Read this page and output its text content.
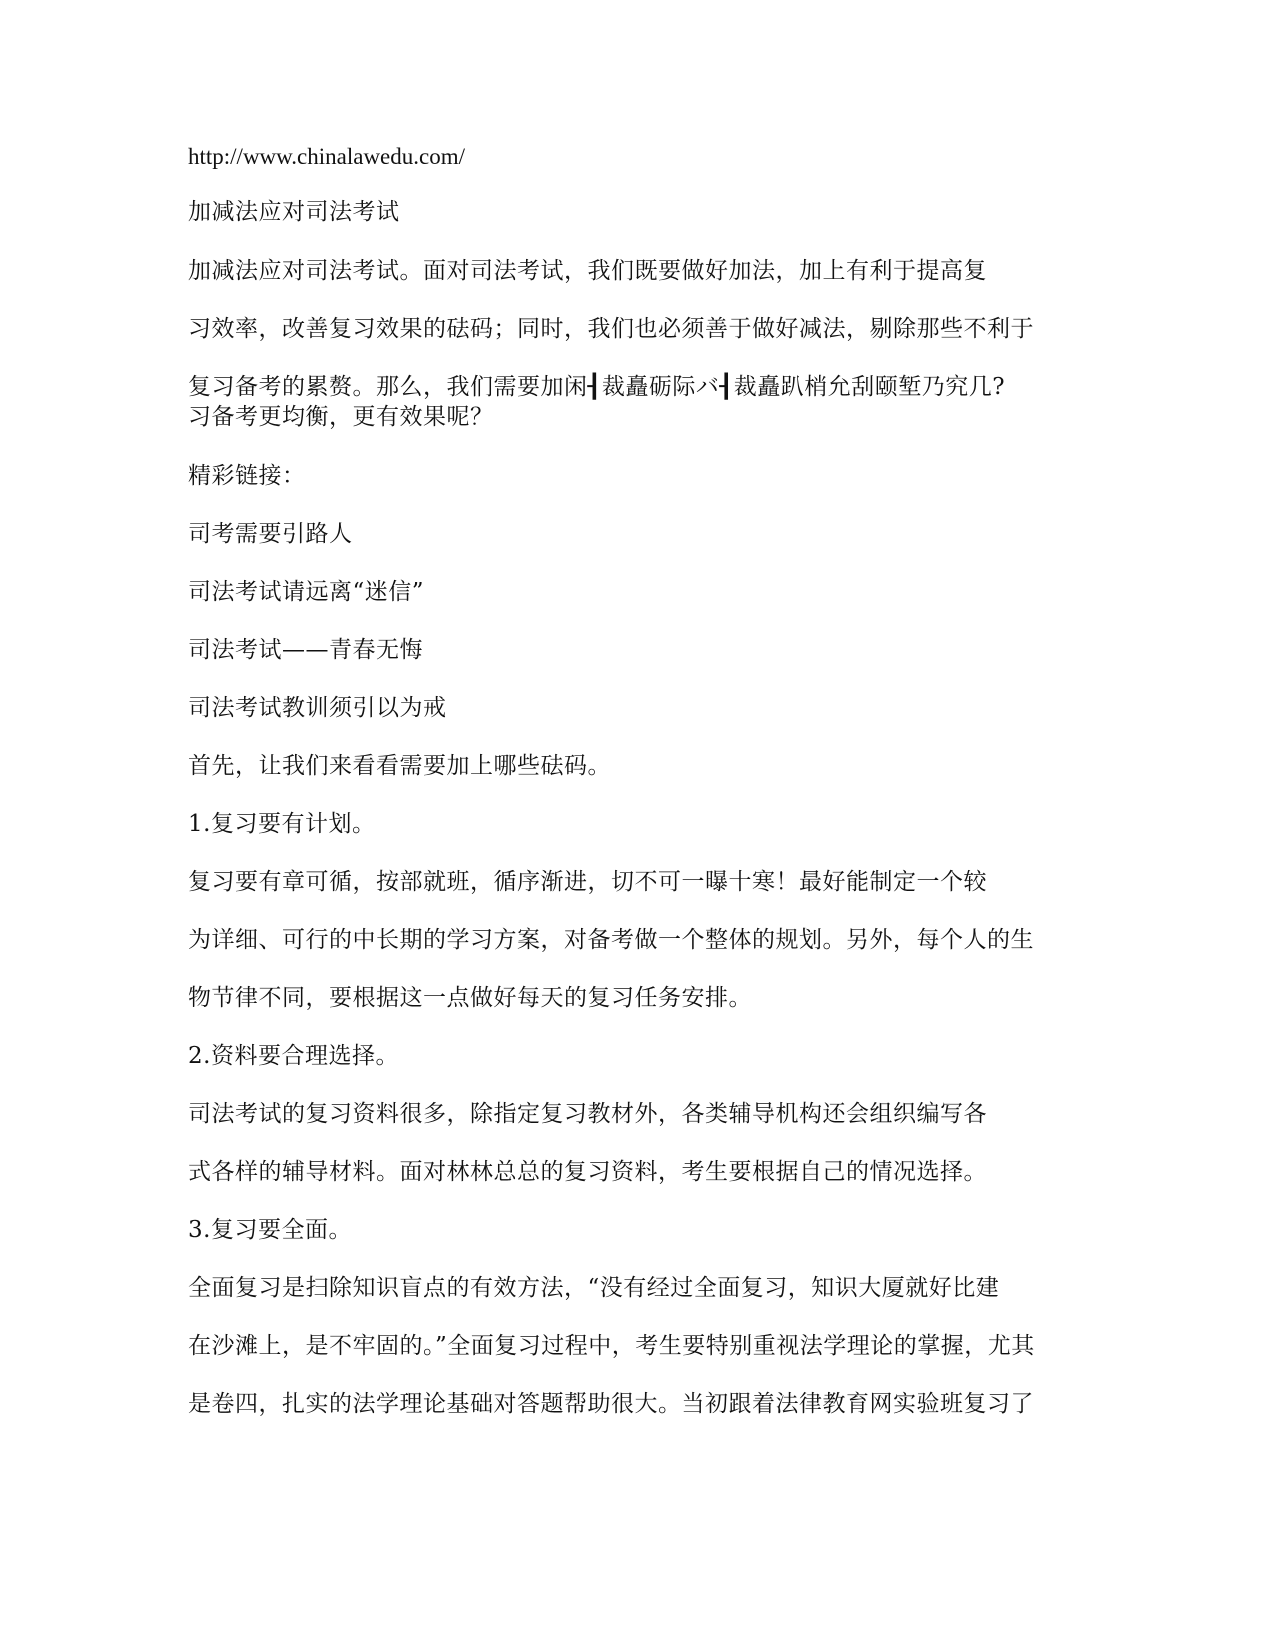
http://www.chinalawedu.com/
加减法应对司法考试
加减法应对司法考试。面对司法考试，我们既要做好加法，加上有利于提高复
习效率，改善复习效果的砝码；同时，我们也必须善于做好减法，剔除那些不利于
复习备考的累赘。那么，我们需要加闲┨裁矗砺际バ┨裁矗趴梢允刮颐堑乃究几?
习备考更均衡，更有效果呢？
精彩链接：
司考需要引路人
司法考试请远离“迷信”
司法考试——青春无悔
司法考试教训须引以为戒
首先，让我们来看看需要加上哪些砝码。
1.复习要有计划。
复习要有章可循，按部就班，循序渐进，切不可一曝十寒！最好能制定一个较
为详细、可行的中长期的学习方案，对备考做一个整体的规划。另外，每个人的生
物节律不同，要根据这一点做好每天的复习任务安排。
2.资料要合理选择。
司法考试的复习资料很多，除指定复习教材外，各类辅导机构还会组织编写各
式各样的辅导材料。面对林林总总的复习资料，考生要根据自己的情况选择。
3.复习要全面。
全面复习是扫除知识盲点的有效方法，“没有经过全面复习，知识大厦就好比建
在沙滩上，是不牢固的。”全面复习过程中，考生要特别重视法学理论的掌握，尤其
是卷四，扎实的法学理论基础对答题帮助很大。当初跟着法律教育网实验班复习了
